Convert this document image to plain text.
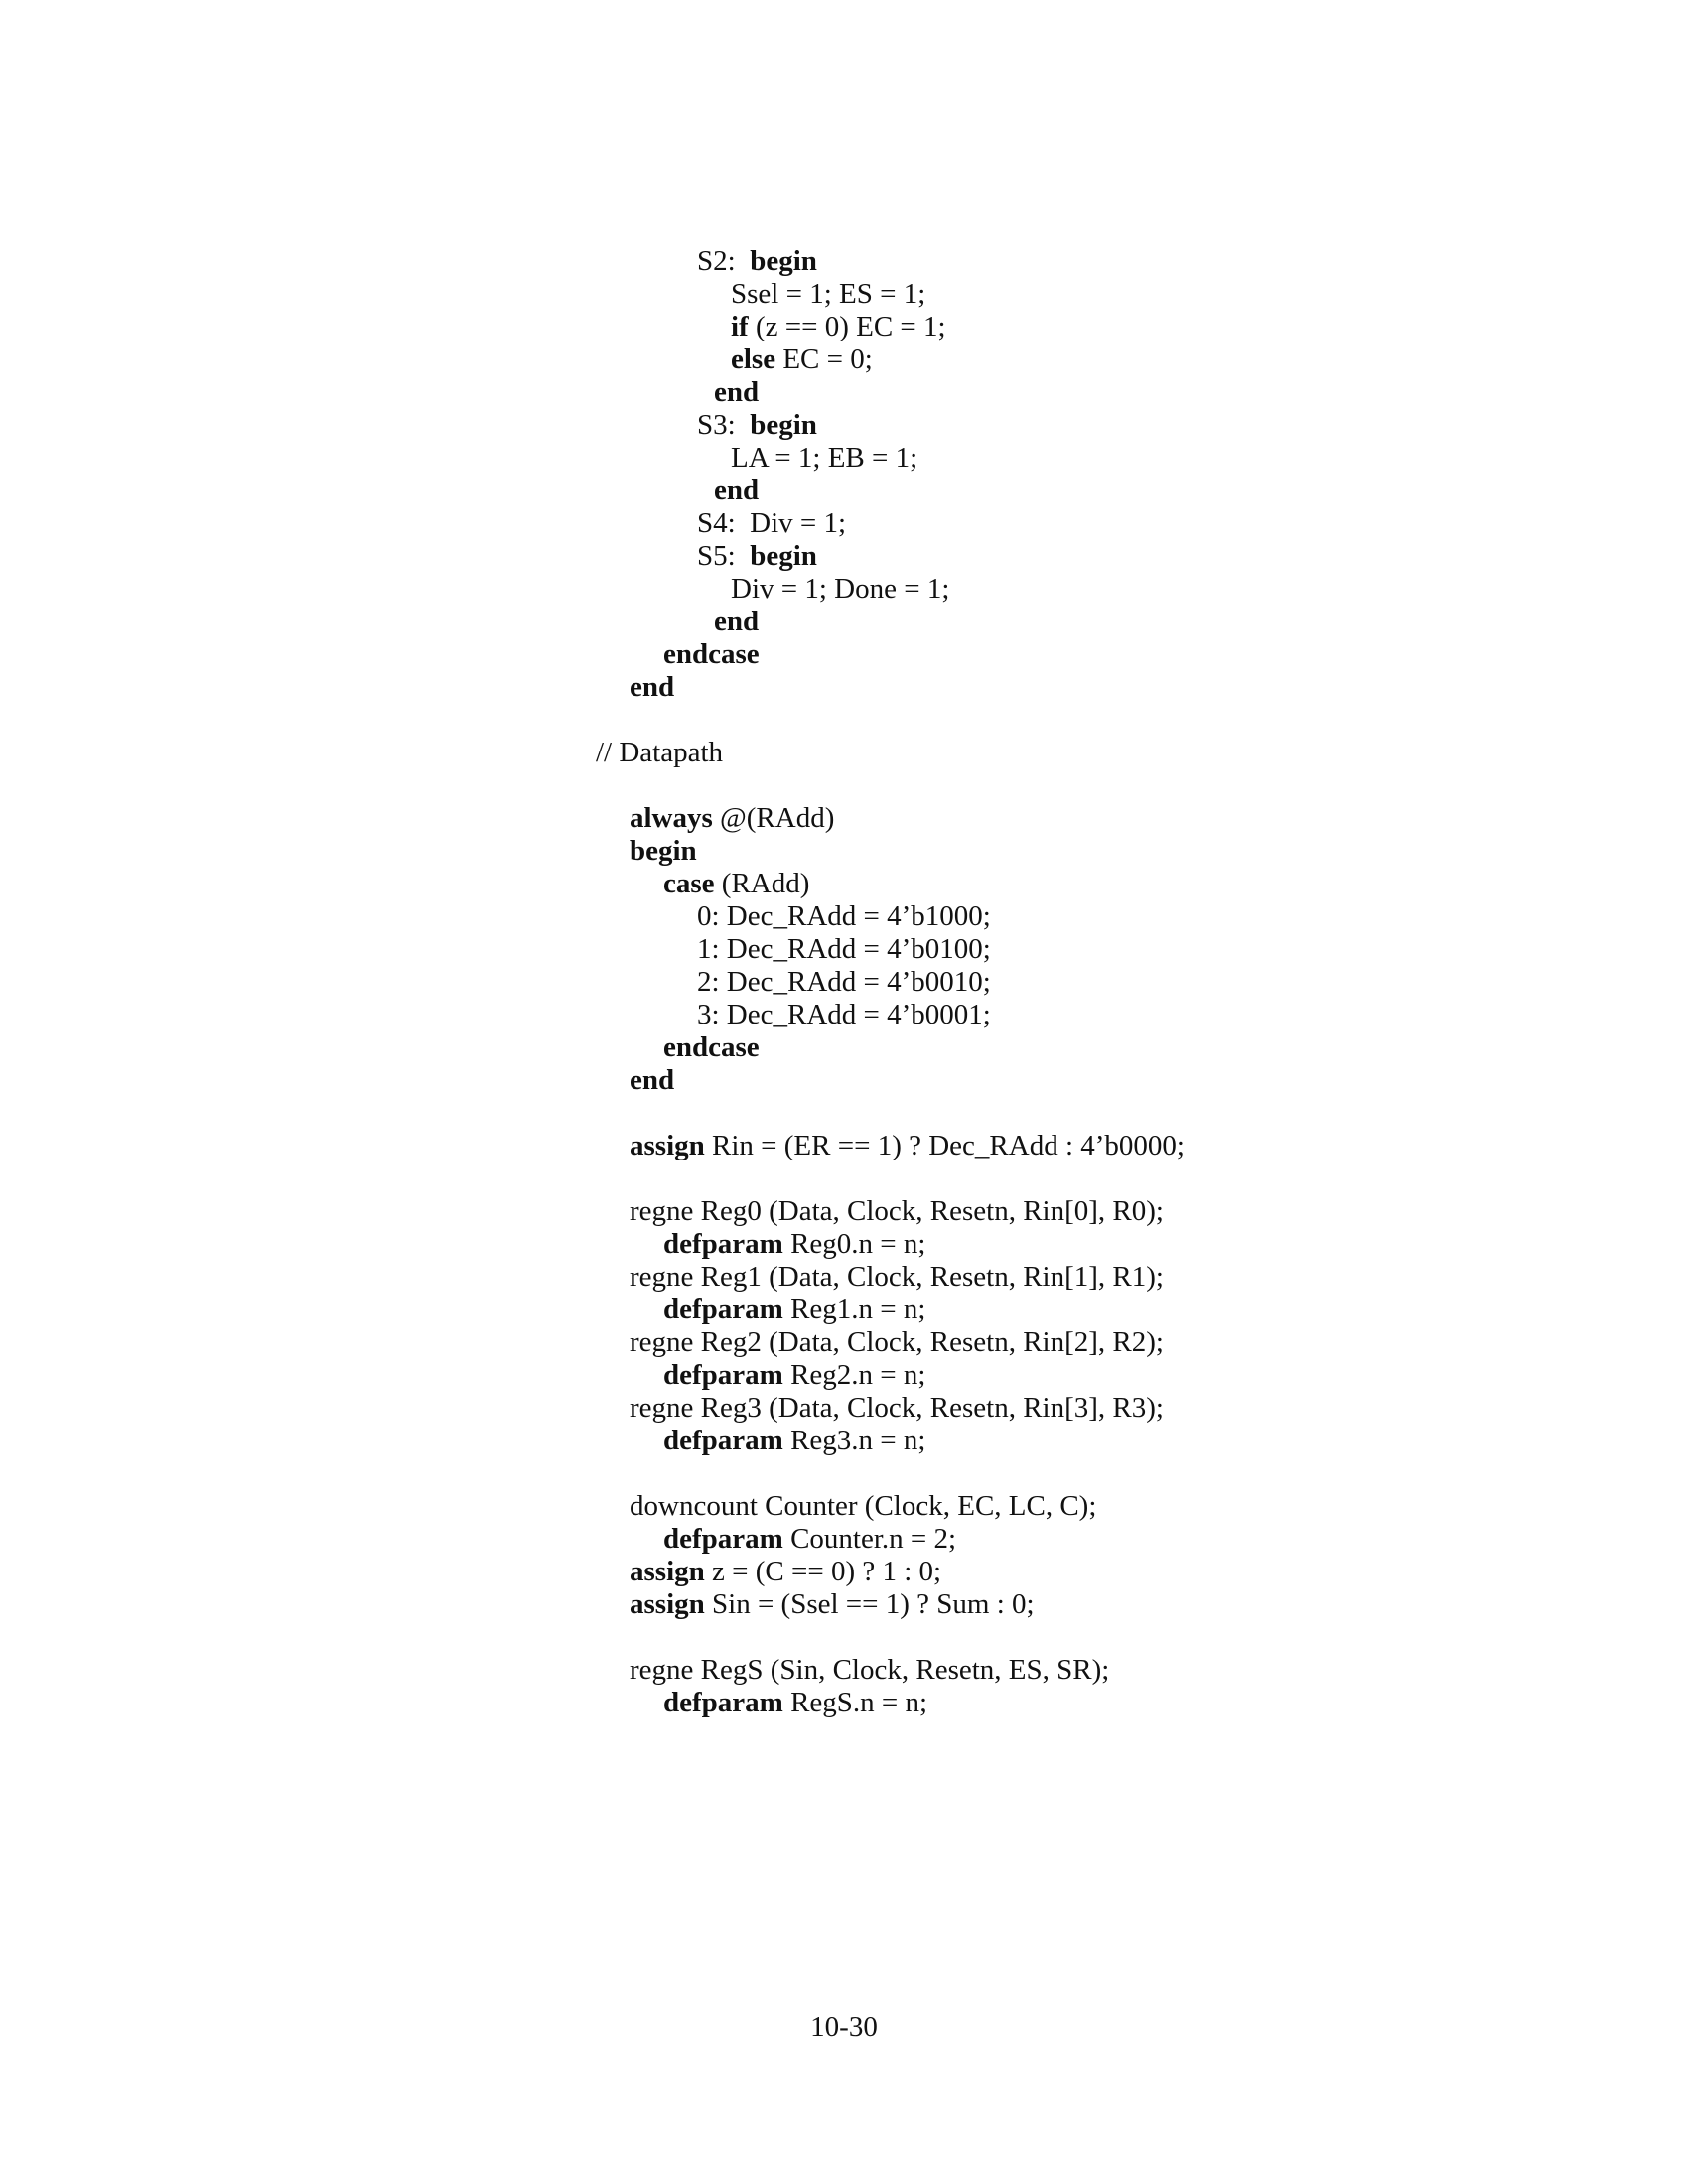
S2:  begin
Ssel = 1; ES = 1;
if (z == 0) EC = 1;
else EC = 0;
end
S3:  begin
LA = 1; EB = 1;
end
S4:  Div = 1;
S5:  begin
Div = 1; Done = 1;
end
endcase
end
// Datapath
always @(RAdd)
begin
case (RAdd)
0: Dec_RAdd = 4’b1000;
1: Dec_RAdd = 4’b0100;
2: Dec_RAdd = 4’b0010;
3: Dec_RAdd = 4’b0001;
endcase
end
assign Rin = (ER == 1) ? Dec_RAdd : 4’b0000;
regne Reg0 (Data, Clock, Resetn, Rin[0], R0);
defparam Reg0.n = n;
regne Reg1 (Data, Clock, Resetn, Rin[1], R1);
defparam Reg1.n = n;
regne Reg2 (Data, Clock, Resetn, Rin[2], R2);
defparam Reg2.n = n;
regne Reg3 (Data, Clock, Resetn, Rin[3], R3);
defparam Reg3.n = n;
downcount Counter (Clock, EC, LC, C);
defparam Counter.n = 2;
assign z = (C == 0) ? 1 : 0;
assign Sin = (Ssel == 1) ? Sum : 0;
regne RegS (Sin, Clock, Resetn, ES, SR);
defparam RegS.n = n;
10-30
